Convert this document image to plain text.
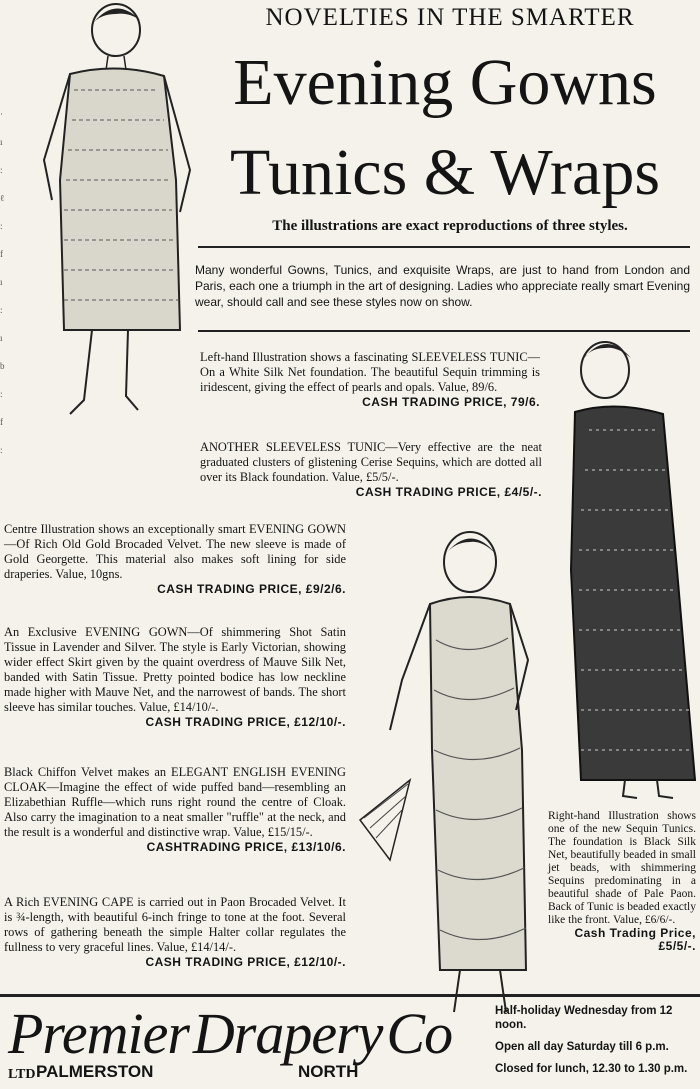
·
ı
:
ℓ
:
f
ı
:
ı
b
:
f
:
NOVELTIES IN THE SMARTER
Evening Gowns
Tunics & Wraps
The illustrations are exact reproductions of three styles.
Many wonderful Gowns, Tunics, and exquisite Wraps, are just to hand from London and Paris, each one a triumph in the art of designing. Ladies who appreciate really smart Evening wear, should call and see these styles now on show.
Left-hand Illustration shows a fascinating SLEEVELESS TUNIC—On a White Silk Net foundation. The beautiful Sequin trimming is iridescent, giving the effect of pearls and opals. Value, 89/6.
CASH TRADING PRICE, 79/6.
ANOTHER SLEEVELESS TUNIC—Very effective are the neat graduated clusters of glistening Cerise Sequins, which are dotted all over its Black foundation. Value, £5/5/-.
CASH TRADING PRICE, £4/5/-.
Centre Illustration shows an exceptionally smart EVENING GOWN—Of Rich Old Gold Brocaded Velvet. The new sleeve is made of Gold Georgette. This material also makes soft lining for side draperies. Value, 10gns.
CASH TRADING PRICE, £9/2/6.
An Exclusive EVENING GOWN—Of shimmering Shot Satin Tissue in Lavender and Silver. The style is Early Victorian, showing wider effect Skirt given by the quaint overdress of Mauve Silk Net, banded with Satin Tissue. Pretty pointed bodice has low neckline made higher with Mauve Net, and the narrowest of bands. The short sleeve has similar touches. Value, £14/10/-.
CASH TRADING PRICE, £12/10/-.
Black Chiffon Velvet makes an ELEGANT ENGLISH EVENING CLOAK—Imagine the effect of wide puffed band—resembling an Elizabethian Ruffle—which runs right round the centre of Cloak. Also carry the imagination to a neat smaller "ruffle" at the neck, and the result is a wonderful and distinctive wrap. Value, £15/15/-.
CASHTRADING PRICE, £13/10/6.
A Rich EVENING CAPE is carried out in Paon Brocaded Velvet. It is ¾-length, with beautiful 6-inch fringe to tone at the foot. Several rows of gathering beneath the simple Halter collar regulates the fullness to very graceful lines. Value, £14/14/-.
CASH TRADING PRICE, £12/10/-.
Right-hand Illustration shows one of the new Sequin Tunics. The foundation is Black Silk Net, beautifully beaded in small jet beads, with shimmering Sequins predominating in a beautiful shade of Pale Paon. Back of Tunic is beaded exactly like the front. Value, £6/6/-.
Cash Trading Price, £5/5/-.
Premier Drapery Co $^{LTD}$ PALMERSTON	NORTH

Half-holiday Wednesday from 12 noon.

Open all day Saturday till 6 p.m.

Closed for lunch, 12.30 to 1.30 p.m.
